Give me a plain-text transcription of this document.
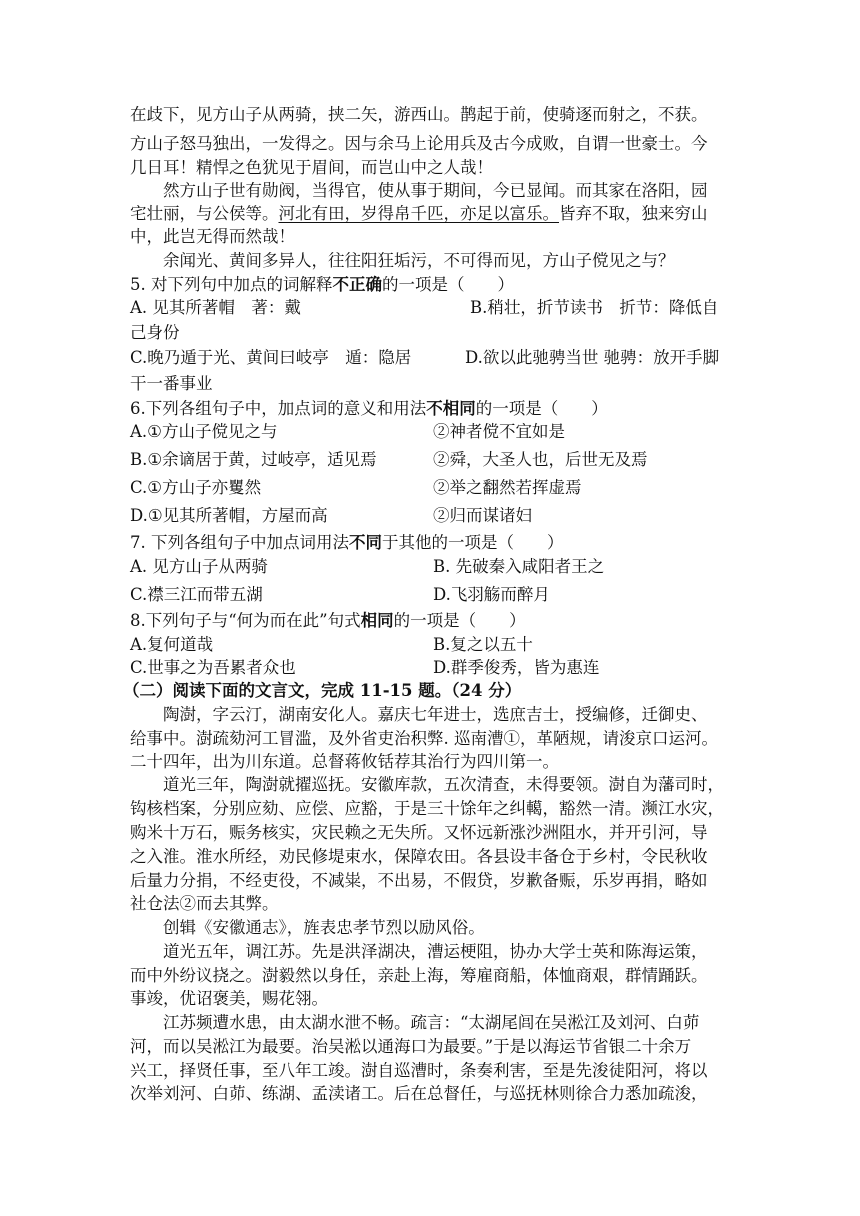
在歧下，见方山子从两骑，挟二矢，游西山。鹊起于前，使骑逐而射之，不获。
方山子怒马独出，一发得之。因与余马上论用兵及古今成败，自谓一世豪士。今
几日耳！精悍之色犹见于眉间，而岂山中之人哉！
然方山子世有勋阀，当得官，使从事于期间，今已显闻。而其家在洛阳，园
宅壮丽，与公侯等。河北有田，岁得帛千匹，亦足以富乐。皆弃不取，独来穷山
中，此岂无得而然哉！
余闻光、黄间多异人，往往阳狂垢污，不可得而见，方山子傥见之与？
5. 对下列句中加点的词解释不正确的一项是（　　）
A. 见其所著帽　著：戴	B.稍壮，折节读书　折节：降低自
己身份
C.晚乃遁于光、黄间曰岐亭　遁：隐居	D.欲以此驰骋当世 驰骋：放开手脚
干一番事业
6.下列各组句子中，加点词的意义和用法不相同的一项是（　　）
A.①方山子傥见之与	②神者傥不宜如是
B.①余谪居于黄，过岐亭，适见焉	②舜，大圣人也，后世无及焉
C.①方山子亦矍然	②举之翻然若挥虚焉
D.①见其所著帽，方屋而高	②归而谋诸妇
7. 下列各组句子中加点词用法不同于其他的一项是（　　）
A. 见方山子从两骑	B. 先破秦入咸阳者王之
C.襟三江而带五湖	D.飞羽觞而醉月
8.下列句子与“何为而在此”句式相同的一项是（　　）
A.复何道哉	B.复之以五十
C.世事之为吾累者众也	D.群季俊秀，皆为惠连
（二）阅读下面的文言文，完成 11-15 题。（24 分）
陶澍，字云汀，湖南安化人。嘉庆七年进士，选庶吉士，授编修，迁御史、
给事中。澍疏劾河工冒滥，及外省吏治积弊. 巡南漕①，革陋规，请浚京口运河。
二十四年，出为川东道。总督蒋攸铦荐其治行为四川第一。
道光三年，陶澍就擢巡抚。安徽库款，五次清查，未得要领。澍自为藩司时，
钩核档案，分别应劾、应偿、应豁，于是三十馀年之纠轕，豁然一清。濒江水灾，
购米十万石，赈务核实，灾民赖之无失所。又怀远新涨沙洲阻水，并开引河，导
之入淮。淮水所经，劝民修堤束水，保障农田。各县设丰备仓于乡村，令民秋收
后量力分捐，不经吏役，不减粜，不出易，不假贷，岁歉备赈，乐岁再捐，略如
社仓法②而去其弊。
创辑《安徽通志》，旌表忠孝节烈以励风俗。
道光五年，调江苏。先是洪泽湖决，漕运梗阻，协办大学士英和陈海运策，
而中外纷议挠之。澍毅然以身任，亲赴上海，筹雇商船，体恤商艰，群情踊跃。
事竣，优诏褒美，赐花翎。
江苏频遭水患，由太湖水泄不畅。疏言：“太湖尾闾在吴淞江及刘河、白茆
河，而以吴淞江为最要。治吴淞以通海口为最要。”于是以海运节省银二十余万
兴工，择贤任事，至八年工竣。澍自巡漕时，条奏利害，至是先浚徒阳河，将以
次举刘河、白茆、练湖、孟渎诸工。后在总督任，与巡抚林则徐合力悉加疏浚，
